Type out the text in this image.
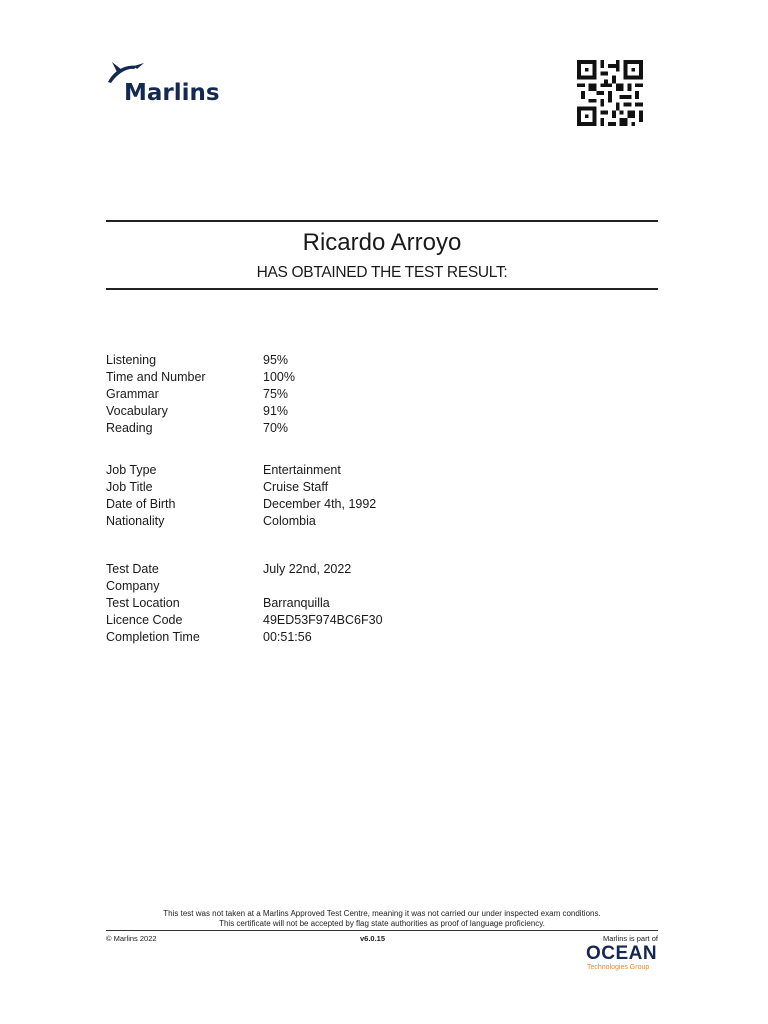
Marlins
Ricardo Arroyo
HAS OBTAINED THE TEST RESULT:
Listening	95%
Time and Number	100%
Grammar	75%
Vocabulary	91%
Reading	70%
Job Type	Entertainment
Job Title	Cruise Staff
Date of Birth	December 4th, 1992
Nationality	Colombia
Test Date	July 22nd, 2022
Company
Test Location	Barranquilla
Licence Code	49ED53F974BC6F30
Completion Time	00:51:56
This test was not taken at a Marlins Approved Test Centre, meaning it was not carried our under inspected exam conditions.
This certificate will not be accepted by flag state authorities as proof of language proficiency.
© Marlins 2022	v6.0.15	Marlins is part of
OCEAN
Technologies Group
